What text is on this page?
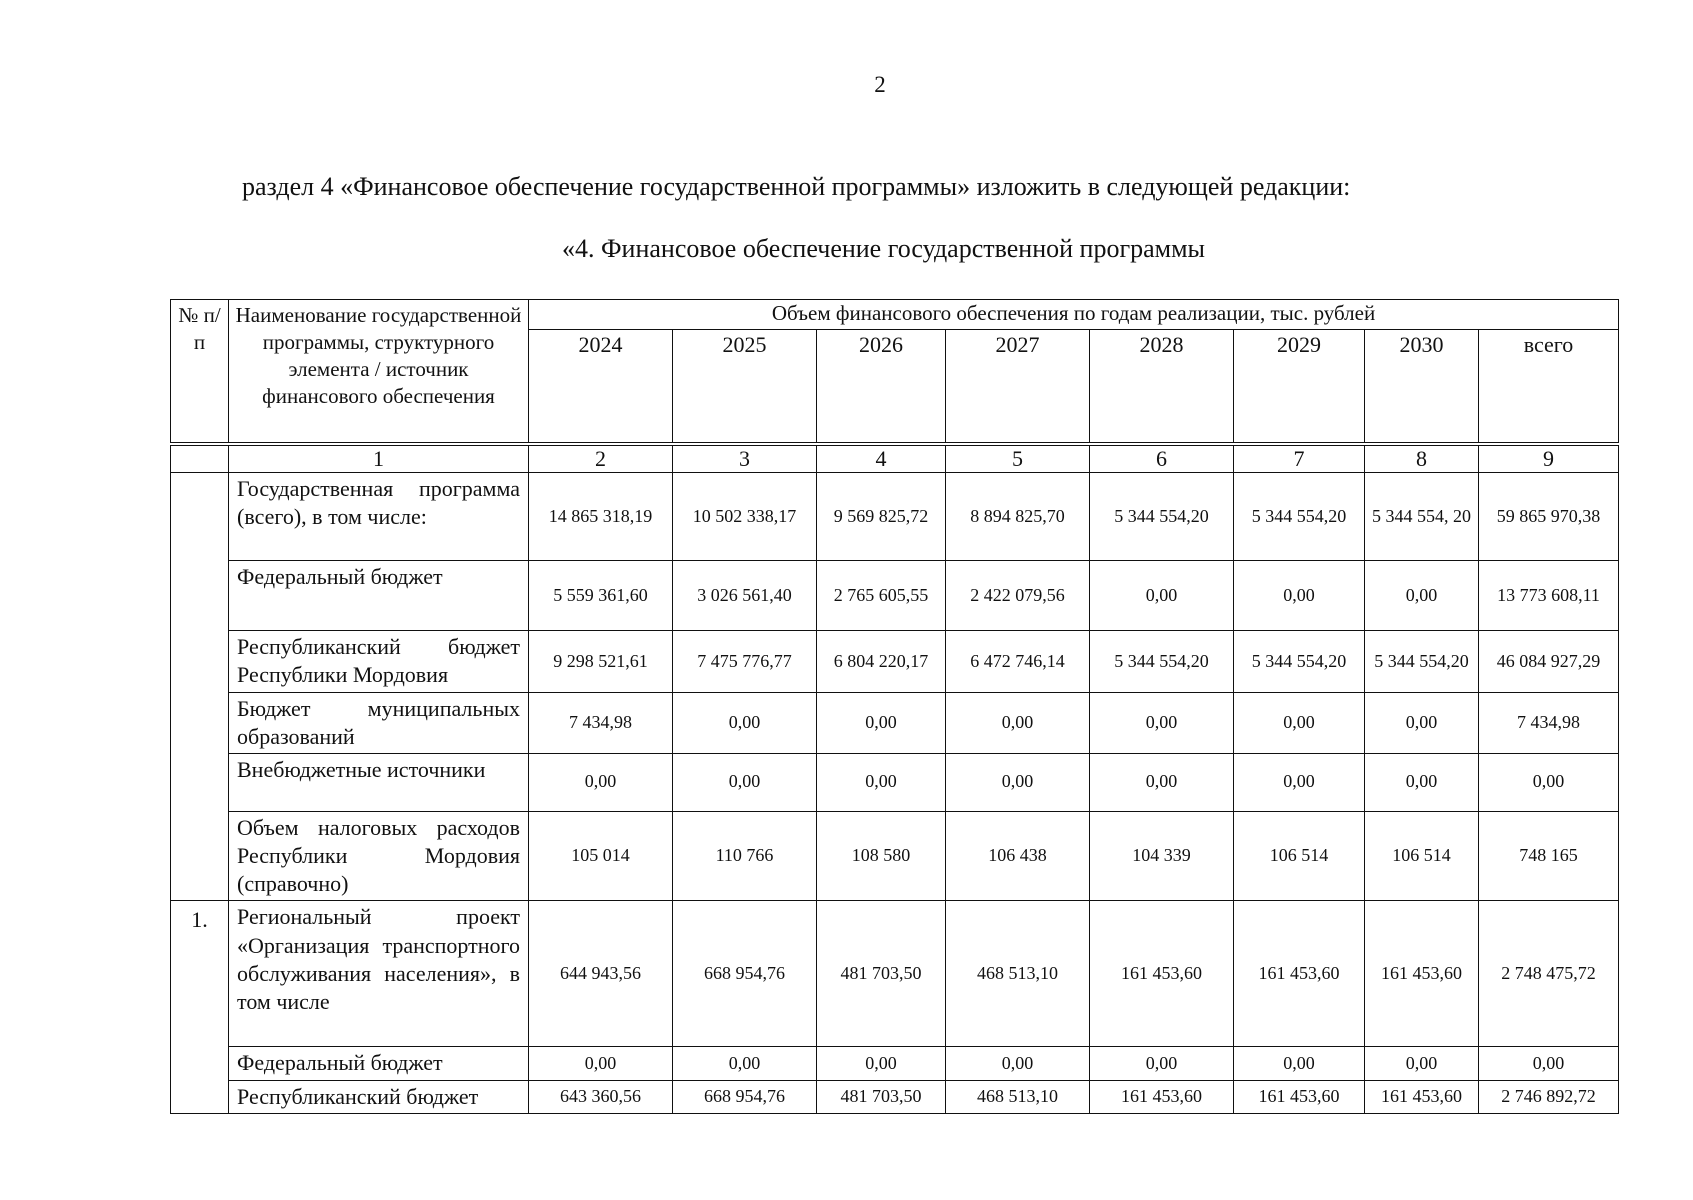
2
раздел 4 «Финансовое обеспечение государственной программы» изложить в следующей редакции:
«4. Финансовое обеспечение государственной программы
№ п/п	Наименование государственной программы, структурного элемента / источник финансового обеспечения	Объем финансового обеспечения по годам реализации, тыс. рублей							
		2024	2025	2026	2027	2028	2029	2030	всего
	1	2	3	4	5	6	7	8	9
	Государственная программа (всего), в том числе:	14 865 318,19	10 502 338,17	9 569 825,72	8 894 825,70	5 344 554,20	5 344 554,20	5 344 554, 20	59 865 970,38
	Федеральный бюджет	5 559 361,60	3 026 561,40	2 765 605,55	2 422 079,56	0,00	0,00	0,00	13 773 608,11
	Республиканский бюджет Республики Мордовия	9 298 521,61	7 475 776,77	6 804 220,17	6 472 746,14	5 344 554,20	5 344 554,20	5 344 554,20	46 084 927,29
	Бюджет муниципальных образований	7 434,98	0,00	0,00	0,00	0,00	0,00	0,00	7 434,98
	Внебюджетные источники	0,00	0,00	0,00	0,00	0,00	0,00	0,00	0,00
	Объем налоговых расходов Республики Мордовия (справочно)	105 014	110 766	108 580	106 438	104 339	106 514	106 514	748 165
1.	Региональный проект «Организация транспортного обслуживания населения», в том числе	644 943,56	668 954,76	481 703,50	468 513,10	161 453,60	161 453,60	161 453,60	2 748 475,72
	Федеральный бюджет	0,00	0,00	0,00	0,00	0,00	0,00	0,00	0,00
	Республиканский бюджет	643 360,56	668 954,76	481 703,50	468 513,10	161 453,60	161 453,60	161 453,60	2 746 892,72
